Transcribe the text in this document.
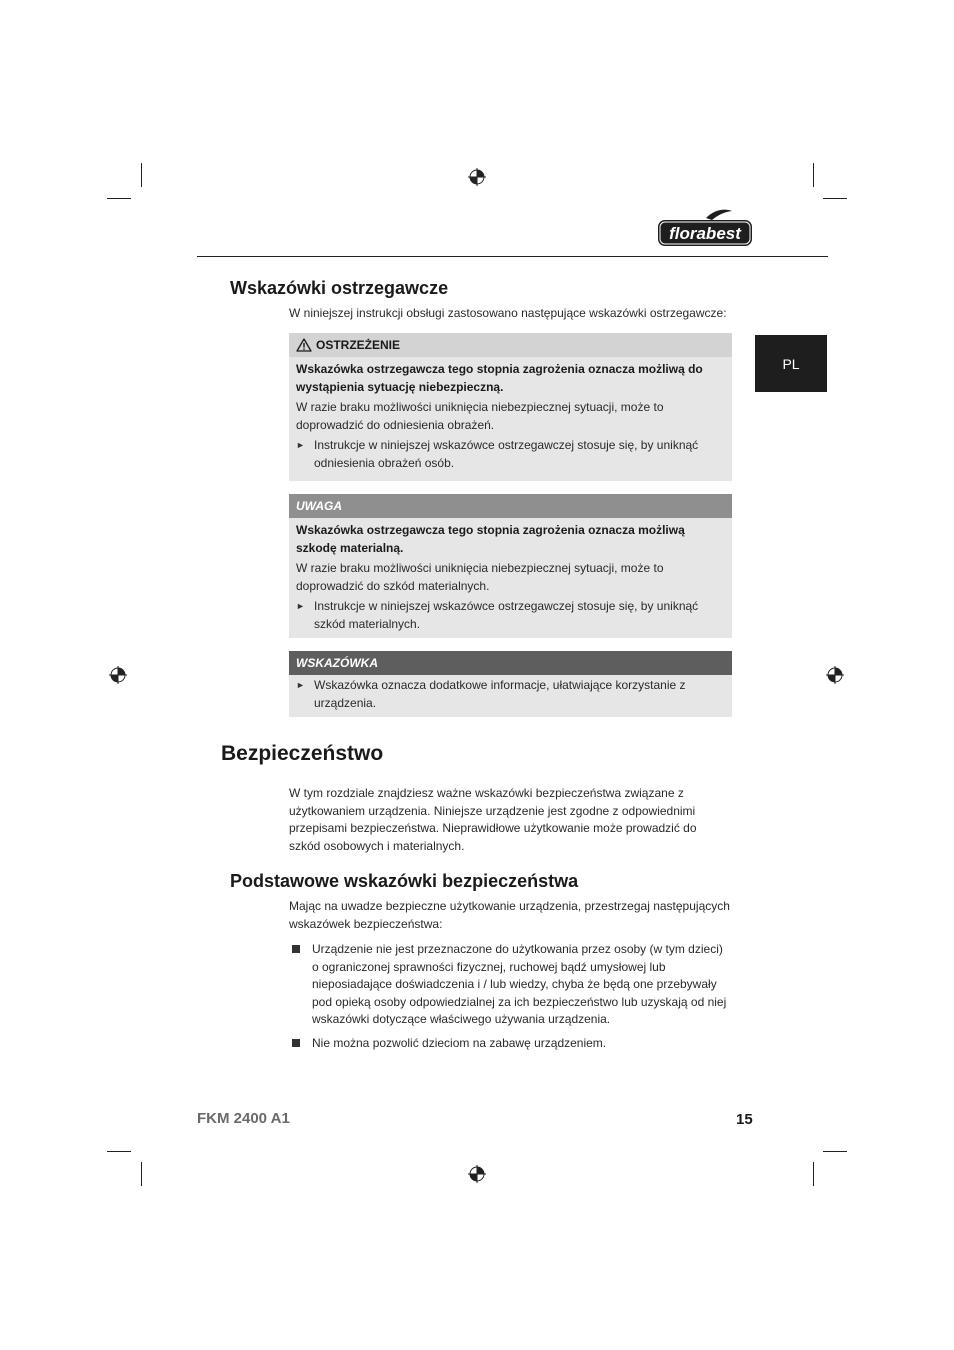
florabest
PL
Wskazówki ostrzegawcze

W niniejszej instrukcji obsługi zastosowano następujące wskazówki ostrzegawcze:

OSTRZEŻENIE
Wskazówka ostrzegawcza tego stopnia zagrożenia oznacza możliwą do wystąpienia sytuację niebezpieczną.
W razie braku możliwości uniknięcia niebezpiecznej sytuacji, może to doprowadzić do odniesienia obrażeń.
► Instrukcje w niniejszej wskazówce ostrzegawczej stosuje się, by uniknąć odniesienia obrażeń osób.
UWAGA
Wskazówka ostrzegawcza tego stopnia zagrożenia oznacza możliwą szkodę materialną.
W razie braku możliwości uniknięcia niebezpiecznej sytuacji, może to doprowadzić do szkód materialnych.
► Instrukcje w niniejszej wskazówce ostrzegawczej stosuje się, by uniknąć szkód materialnych.
WSKAZÓWKA
► Wskazówka oznacza dodatkowe informacje, ułatwiające korzystanie z urządzenia.
Bezpieczeństwo

W tym rozdziale znajdziesz ważne wskazówki bezpieczeństwa związane z użytkowaniem urządzenia. Niniejsze urządzenie jest zgodne z odpowiednimi przepisami bezpieczeństwa. Nieprawidłowe użytkowanie może prowadzić do szkód osobowych i materialnych.

Podstawowe wskazówki bezpieczeństwa

Mając na uwadze bezpieczne użytkowanie urządzenia, przestrzegaj następujących wskazówek bezpieczeństwa:

Urządzenie nie jest przeznaczone do użytkowania przez osoby (w tym dzieci) o ograniczonej sprawności fizycznej, ruchowej bądź umysłowej lub nieposiadające doświadczenia i / lub wiedzy, chyba że będą one przebywały pod opieką osoby odpowiedzialnej za ich bezpieczeństwo lub uzyskają od niej wskazówki dotyczące właściwego używania urządzenia.
Nie można pozwolić dzieciom na zabawę urządzeniem.
FKM 2400 A1	15
